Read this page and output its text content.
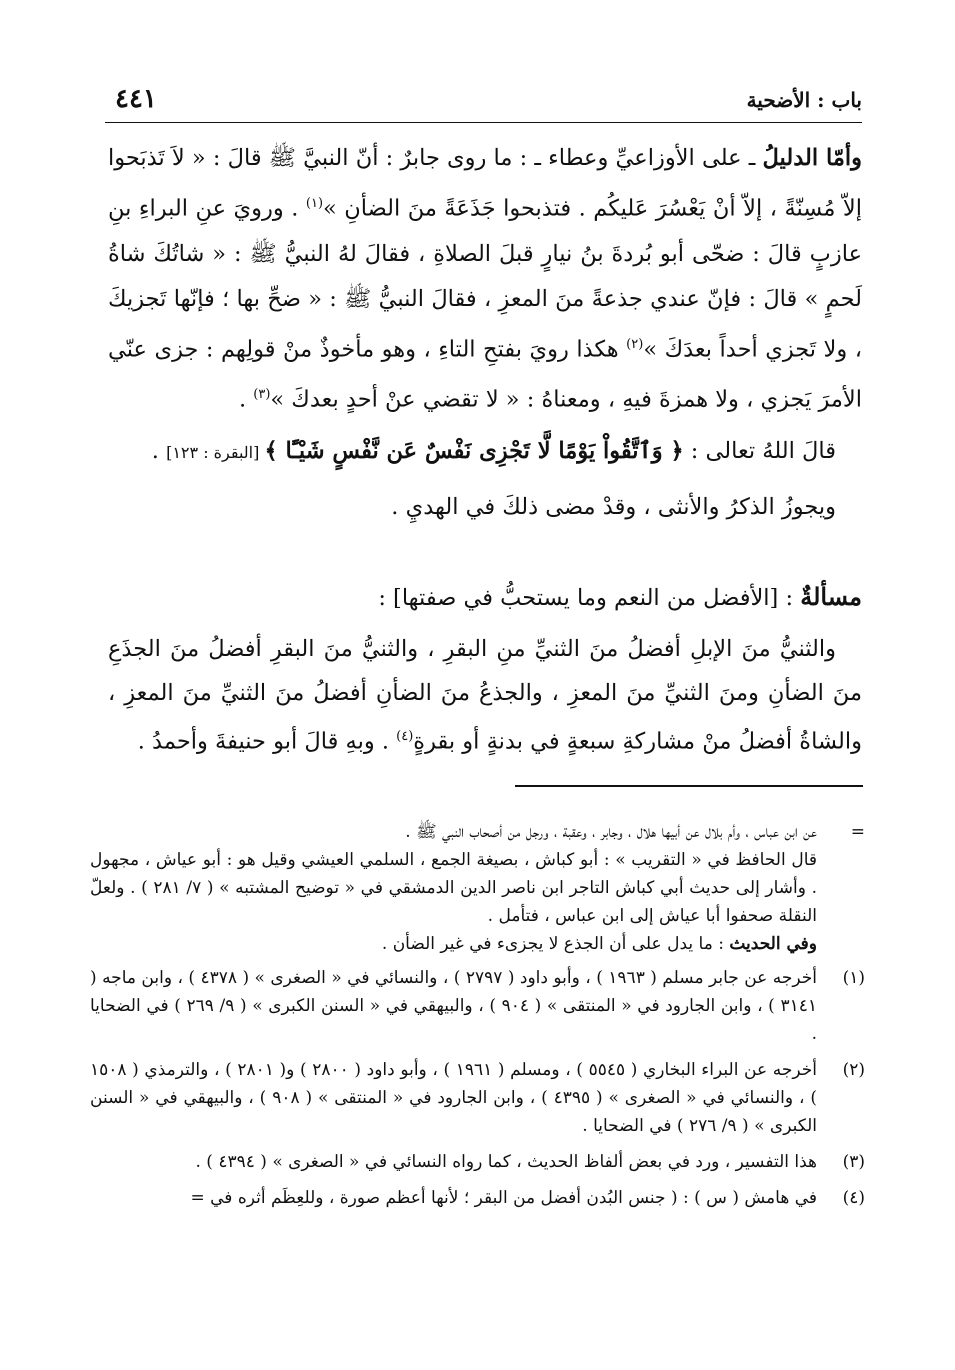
باب : الأضحية
٤٤١

وأمّا الدليلُ ـ على الأوزاعيِّ وعطاء ـ : ما روى جابرٌ : أنّ النبيَّ ﷺ قالَ : « لاَ تَذبَحوا إلاّ مُسِنّةً ، إلاّ أنْ يَعْسُرَ عَليكُم . فتذبحوا جَذَعَةً منَ الضأنِ »$^{(١)}$ . ورويَ عنِ البراءِ بنِ عازبٍ قالَ : ضحّى أبو بُردةَ بنُ نيارٍ قبلَ الصلاةِ ، فقالَ لهُ النبيُّ ﷺ : « شاتُكَ شاةُ لَحمٍ » قالَ : فإنّ عندي جذعةً منَ المعزِ ، فقالَ النبيُّ ﷺ : « ضحِّ بها ؛ فإنّها تَجزيكَ ، ولا تَجزي أحداً بعدَكَ »$^{(٢)}$ هكذا رويَ بفتحِ التاءِ ، وهو مأخوذٌ منْ قولِهم : جزى عنّي الأمرَ يَجزي ، ولا همزةَ فيهِ ، ومعناهُ : « لا تقضي عنْ أحدٍ بعدكَ »$^{(٣)}$ .

قالَ اللهُ تعالى : ﴿ وَٱتَّقُواْ يَوْمًا لَّا تَجْزِى نَفْسٌ عَن نَّفْسٍ شَيْـًٔا ﴾ [البقرة : ١٢٣] .

ويجوزُ الذكرُ والأنثى ، وقدْ مضى ذلكَ في الهديِ .

مسألةٌ : [الأفضل من النعم وما يستحبُّ في صفتها] :

والثنيُّ منَ الإبلِ أفضلُ منَ الثنيِّ منِ البقرِ ، والثنيُّ منَ البقرِ أفضلُ منَ الجذَعِ منَ الضأنِ ومنَ الثنيِّ منَ المعزِ ، والجذعُ منَ الضأنِ أفضلُ منَ الثنيِّ منَ المعزِ ، والشاةُ أفضلُ منْ مشاركةِ سبعةٍ في بدنةٍ أو بقرةٍ$^{(٤)}$ . وبهِ قالَ أبو حنيفةَ وأحمدُ .

=

عن ابن عباس ، وأم بلال عن أبيها هلال ، وجابر ، وعقبة ، ورجل من أصحاب النبي ﷺ .

قال الحافظ في « التقريب » : أبو كباش ، بصيغة الجمع ، السلمي العيشي وقيل هو : أبو عياش ، مجهول . وأشار إلى حديث أبي كباش التاجر ابن ناصر الدين الدمشقي في « توضيح المشتبه » ( ٧/ ٢٨١ ) . ولعلّ النقلة صحفوا أبا عياش إلى ابن عباس ، فتأمل .

وفي الحديث : ما يدل على أن الجذع لا يجزىء في غير الضأن .

(١)
أخرجه عن جابر مسلم ( ١٩٦٣ ) ، وأبو داود ( ٢٧٩٧ ) ، والنسائي في « الصغرى » ( ٤٣٧٨ ) ، وابن ماجه ( ٣١٤١ ) ، وابن الجارود في « المنتقى » ( ٩٠٤ ) ، والبيهقي في « السنن الكبرى » ( ٩/ ٢٦٩ ) في الضحايا .
(٢)
أخرجه عن البراء البخاري ( ٥٥٤٥ ) ، ومسلم ( ١٩٦١ ) ، وأبو داود ( ٢٨٠٠ ) و( ٢٨٠١ ) ، والترمذي ( ١٥٠٨ ) ، والنسائي في « الصغرى » ( ٤٣٩٥ ) ، وابن الجارود في « المنتقى » ( ٩٠٨ ) ، والبيهقي في « السنن الكبرى » ( ٩/ ٢٧٦ ) في الضحايا .
(٣)
هذا التفسير ، ورد في بعض ألفاظ الحديث ، كما رواه النسائي في « الصغرى » ( ٤٣٩٤ ) .
(٤)
في هامش ( س ) : ( جنس البُدن أفضل من البقر ؛ لأنها أعظم صورة ، وللعِظَم أثره في =
